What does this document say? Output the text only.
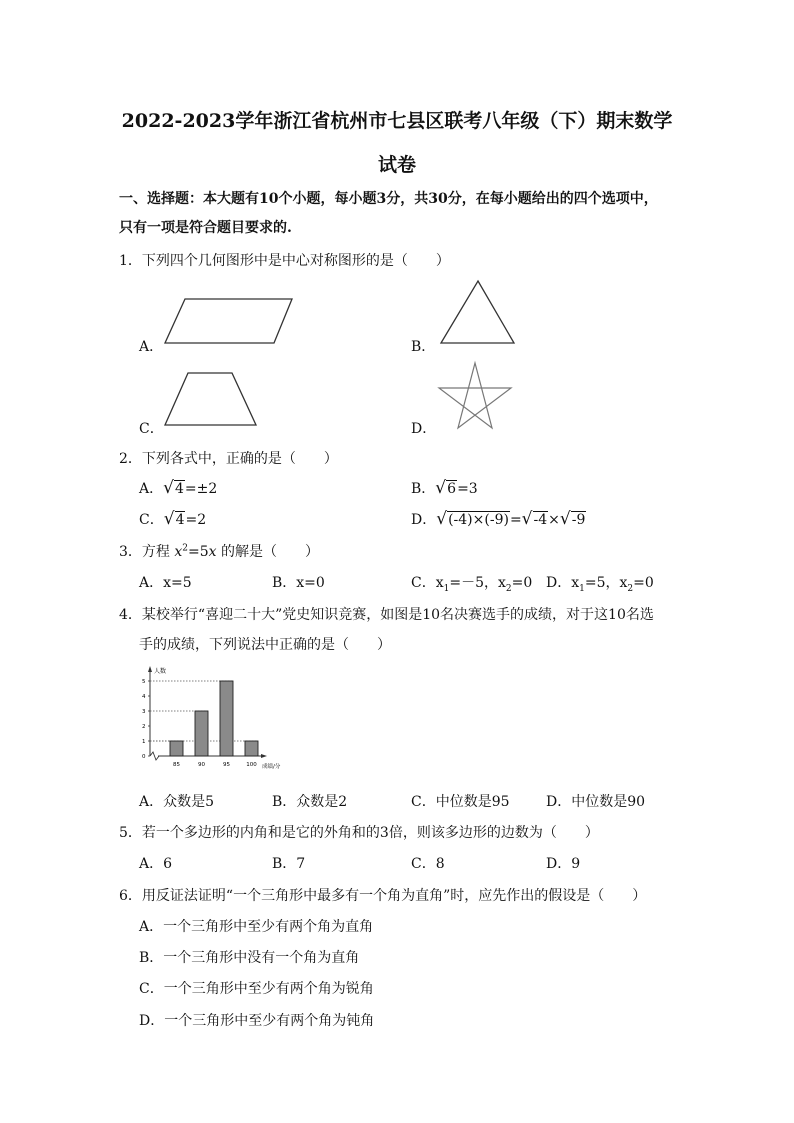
2022-2023学年浙江省杭州市七县区联考八年级（下）期末数学
试卷
一、选择题：本大题有10个小题，每小题3分，共30分，在每小题给出的四个选项中，
只有一项是符合题目要求的.
1．下列四个几何图形中是中心对称图形的是（　　）
A．	B．
C．	D．
2．下列各式中，正确的是（　　）
A．√4=±2	B．√6=3
C．√4=2	D．√(-4)×(-9)=√-4×√-9
3．方程 $x^2=5x$ 的解是（　　）
A．x=5	B．x=0	C．$x_1=-5$，$x_2=0$ D．$x_1=5$，$x_2=0$
4．某校举行“喜迎二十大”党史知识竞赛，如图是10名决赛选手的成绩，对于这10名选
手的成绩，下列说法中正确的是（　　）
人数
成绩/分
0
1
2
3
4
5
85	90	95	100
A．众数是5	B．众数是2	C．中位数是95	D．中位数是90
5．若一个多边形的内角和是它的外角和的3倍，则该多边形的边数为（　　）
A．6	B．7	C．8	D．9
6．用反证法证明“一个三角形中最多有一个角为直角”时，应先作出的假设是（　　）
A．一个三角形中至少有两个角为直角
B．一个三角形中没有一个角为直角
C．一个三角形中至少有两个角为锐角
D．一个三角形中至少有两个角为钝角
